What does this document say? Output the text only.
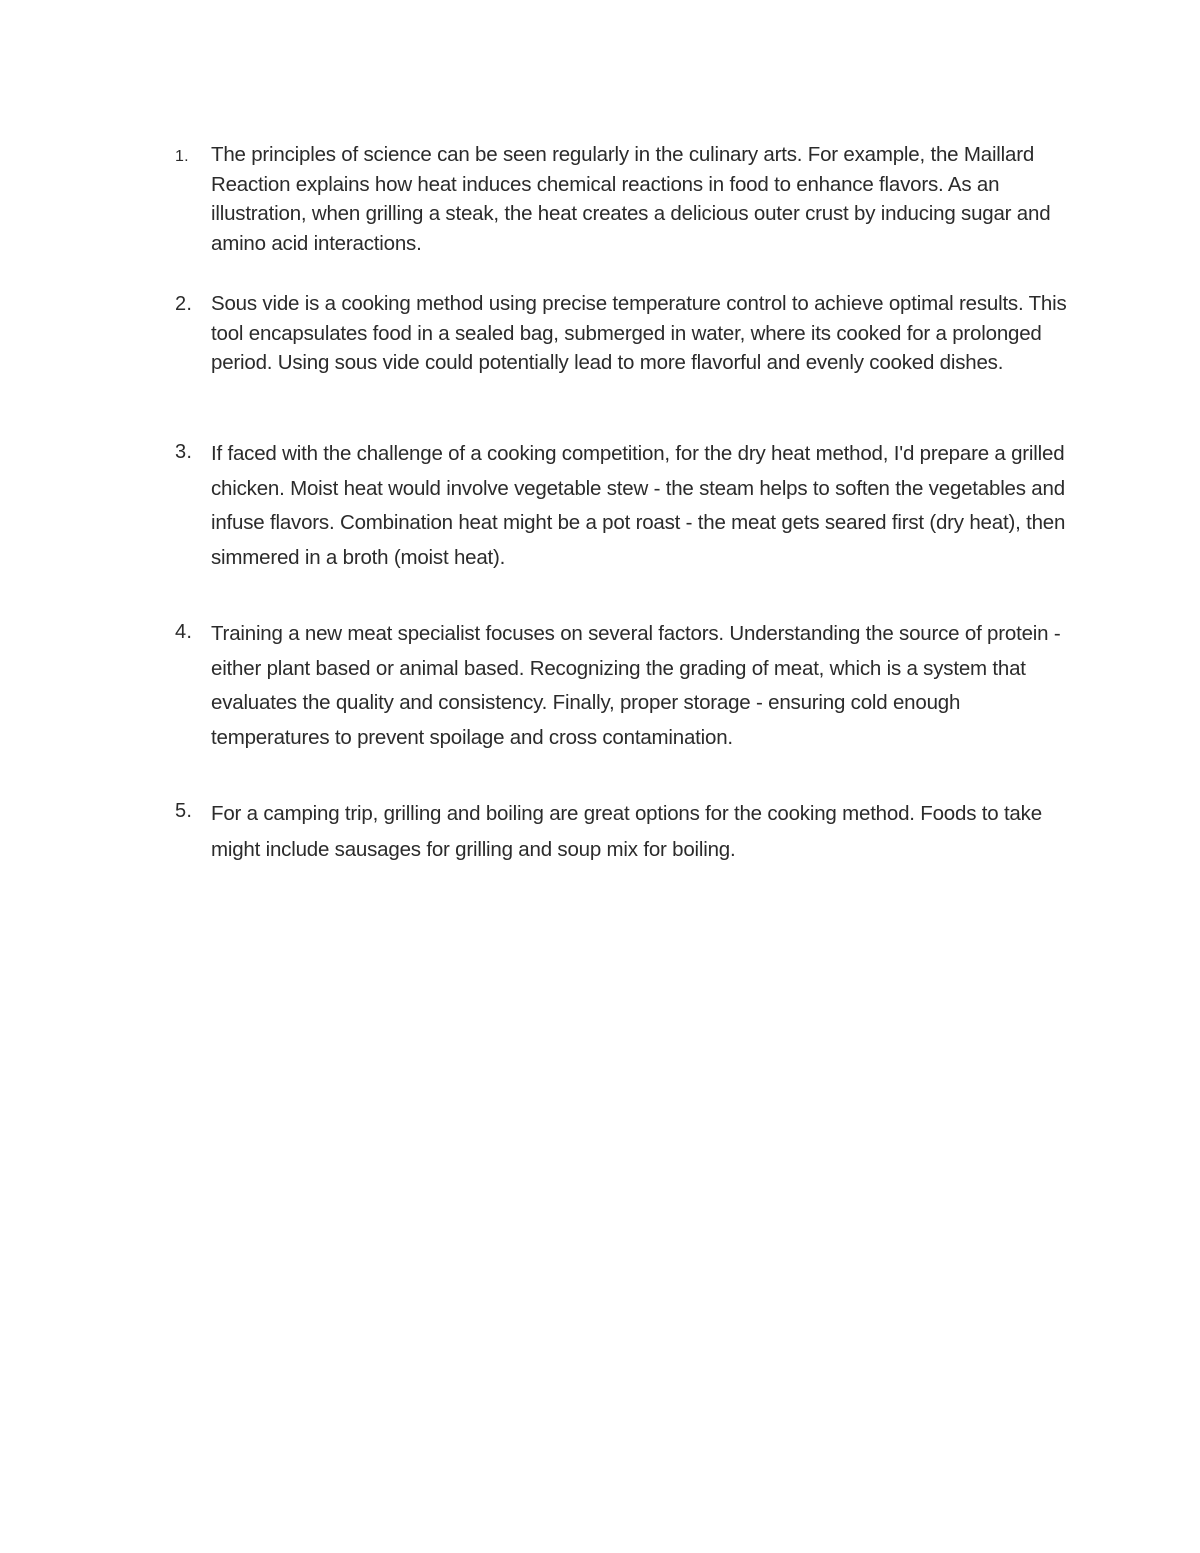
1.	The principles of science can be seen regularly in the culinary arts. For example, the Maillard Reaction explains how heat induces chemical reactions in food to enhance flavors. As an illustration, when grilling a steak, the heat creates a delicious outer crust by inducing sugar and amino acid interactions.
2. Sous vide is a cooking method using precise temperature control to achieve optimal results. This tool encapsulates food in a sealed bag, submerged in water, where its cooked for a prolonged period. Using sous vide could potentially lead to more flavorful and evenly cooked dishes.
3. If faced with the challenge of a cooking competition, for the dry heat method, I'd prepare a grilled chicken. Moist heat would involve vegetable stew - the steam helps to soften the vegetables and infuse flavors. Combination heat might be a pot roast - the meat gets seared first (dry heat), then simmered in a broth (moist heat).
4. Training a new meat specialist focuses on several factors. Understanding the source of protein - either plant based or animal based. Recognizing the grading of meat, which is a system that evaluates the quality and consistency. Finally, proper storage - ensuring cold enough temperatures to prevent spoilage and cross contamination.
5. For a camping trip, grilling and boiling are great options for the cooking method. Foods to take might include sausages for grilling and soup mix for boiling.
